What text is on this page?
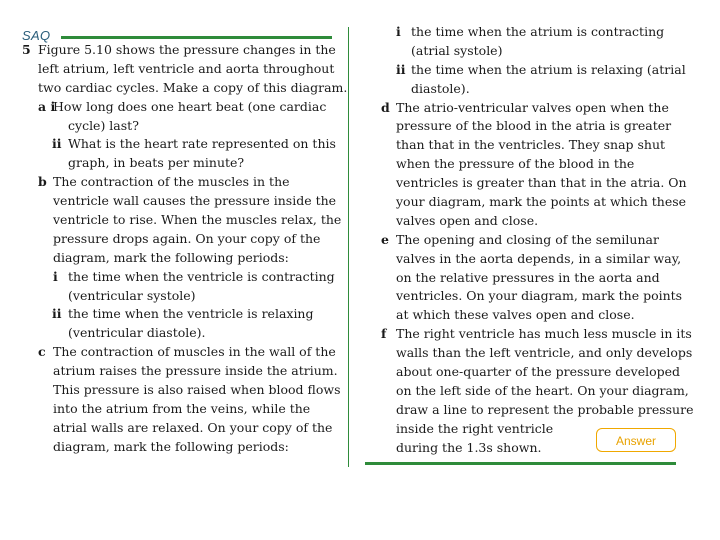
SAQ
5 Figure 5.10 shows the pressure changes in the
left atrium, left ventricle and aorta throughout
two cardiac cycles. Make a copy of this diagram.
a i
How long does one heart beat (one cardiac
cycle) last?
ii What is the heart rate represented on this
graph, in beats per minute?
b The contraction of the muscles in the
ventricle wall causes the pressure inside the
ventricle to rise. When the muscles relax, the
pressure drops again. On your copy of the
diagram, mark the following periods:
i the time when the ventricle is contracting
(ventricular systole)
ii the time when the ventricle is relaxing
(ventricular diastole).
c The contraction of muscles in the wall of the
atrium raises the pressure inside the atrium.
This pressure is also raised when blood flows
into the atrium from the veins, while the
atrial walls are relaxed. On your copy of the
diagram, mark the following periods:
i the time when the atrium is contracting
(atrial systole)
ii the time when the atrium is relaxing (atrial
diastole).
d The atrio-ventricular valves open when the
pressure of the blood in the atria is greater
than that in the ventricles. They snap shut
when the pressure of the blood in the
ventricles is greater than that in the atria. On
your diagram, mark the points at which these
valves open and close.
e The opening and closing of the semilunar
valves in the aorta depends, in a similar way,
on the relative pressures in the aorta and
ventricles. On your diagram, mark the points
at which these valves open and close.
f The right ventricle has much less muscle in its
walls than the left ventricle, and only develops
about one-quarter of the pressure developed
on the left side of the heart. On your diagram,
draw a line to represent the probable pressure
inside the right ventricle
during the 1.3s shown.	Answer
